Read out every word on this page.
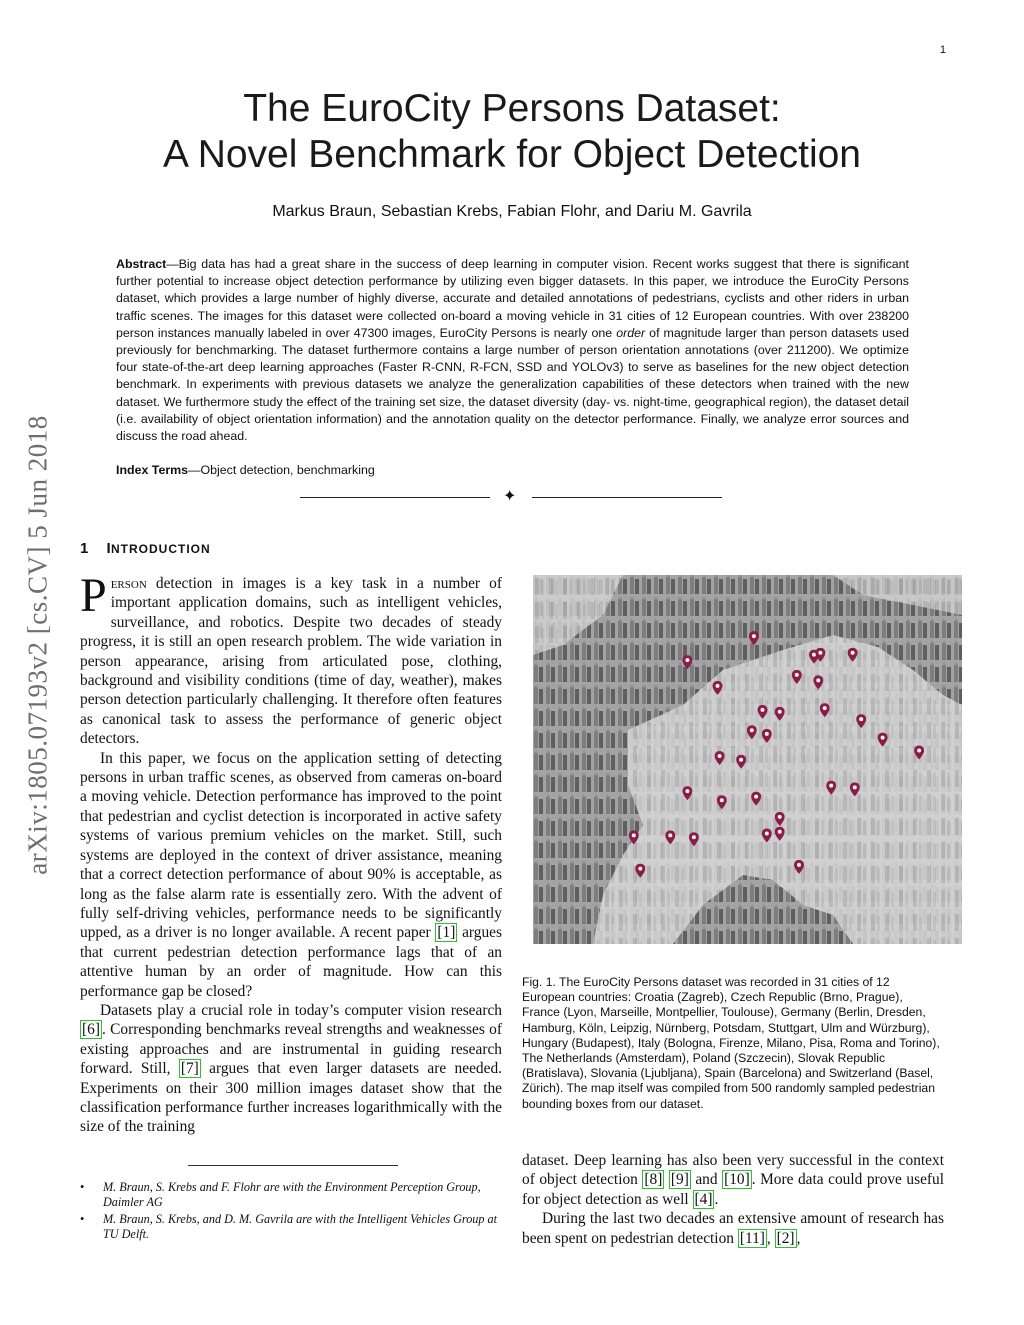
1
arXiv:1805.07193v2 [cs.CV] 5 Jun 2018
The EuroCity Persons Dataset:
A Novel Benchmark for Object Detection
Markus Braun, Sebastian Krebs, Fabian Flohr, and Dariu M. Gavrila
Abstract—Big data has had a great share in the success of deep learning in computer vision. Recent works suggest that there is significant further potential to increase object detection performance by utilizing even bigger datasets. In this paper, we introduce the EuroCity Persons dataset, which provides a large number of highly diverse, accurate and detailed annotations of pedestrians, cyclists and other riders in urban traffic scenes. The images for this dataset were collected on-board a moving vehicle in 31 cities of 12 European countries. With over 238200 person instances manually labeled in over 47300 images, EuroCity Persons is nearly one order of magnitude larger than person datasets used previously for benchmarking. The dataset furthermore contains a large number of person orientation annotations (over 211200). We optimize four state-of-the-art deep learning approaches (Faster R-CNN, R-FCN, SSD and YOLOv3) to serve as baselines for the new object detection benchmark. In experiments with previous datasets we analyze the generalization capabilities of these detectors when trained with the new dataset. We furthermore study the effect of the training set size, the dataset diversity (day- vs. night-time, geographical region), the dataset detail (i.e. availability of object orientation information) and the annotation quality on the detector performance. Finally, we analyze error sources and discuss the road ahead.
Index Terms—Object detection, benchmarking
✦
1 INTRODUCTION

Person detection in images is a key task in a number of important application domains, such as intelligent vehicles, surveillance, and robotics. Despite two decades of steady progress, it is still an open research problem. The wide variation in person appearance, arising from articulated pose, clothing, background and visibility conditions (time of day, weather), makes person detection particularly challenging. It therefore often features as canonical task to assess the performance of generic object detectors.

In this paper, we focus on the application setting of detecting persons in urban traffic scenes, as observed from cameras on-board a moving vehicle. Detection performance has improved to the point that pedestrian and cyclist detection is incorporated in active safety systems of various premium vehicles on the market. Still, such systems are deployed in the context of driver assistance, meaning that a correct detection performance of about 90% is acceptable, as long as the false alarm rate is essentially zero. With the advent of fully self-driving vehicles, performance needs to be significantly upped, as a driver is no longer available. A recent paper [1] argues that current pedestrian detection performance lags that of an attentive human by an order of magnitude. How can this performance gap be closed?

Datasets play a crucial role in today’s computer vision research [6] . Corresponding benchmarks reveal strengths and weaknesses of existing approaches and are instrumental in guiding research forward. Still, [7] argues that even larger datasets are needed. Experiments on their 300 million images dataset show that the classification performance further increases logarithmically with the size of the training

• M. Braun, S. Krebs and F. Flohr are with the Environment Perception Group, Daimler AG
• M. Braun, S. Krebs, and D. M. Gavrila are with the Intelligent Vehicles Group at TU Delft.
Fig. 1. The EuroCity Persons dataset was recorded in 31 cities of 12 European countries: Croatia (Zagreb), Czech Republic (Brno, Prague), France (Lyon, Marseille, Montpellier, Toulouse), Germany (Berlin, Dresden, Hamburg, Köln, Leipzig, Nürnberg, Potsdam, Stuttgart, Ulm and Würzburg), Hungary (Budapest), Italy (Bologna, Firenze, Milano, Pisa, Roma and Torino), The Netherlands (Amsterdam), Poland (Szczecin), Slovak Republic (Bratislava), Slovania (Ljubljana), Spain (Barcelona) and Switzerland (Basel, Zürich). The map itself was compiled from 500 randomly sampled pedestrian bounding boxes from our dataset.

dataset. Deep learning has also been very successful in the context of object detection [8] [9] and [10] . More data could prove useful for object detection as well [4] .

During the last two decades an extensive amount of research has been spent on pedestrian detection [11] , [2] ,
